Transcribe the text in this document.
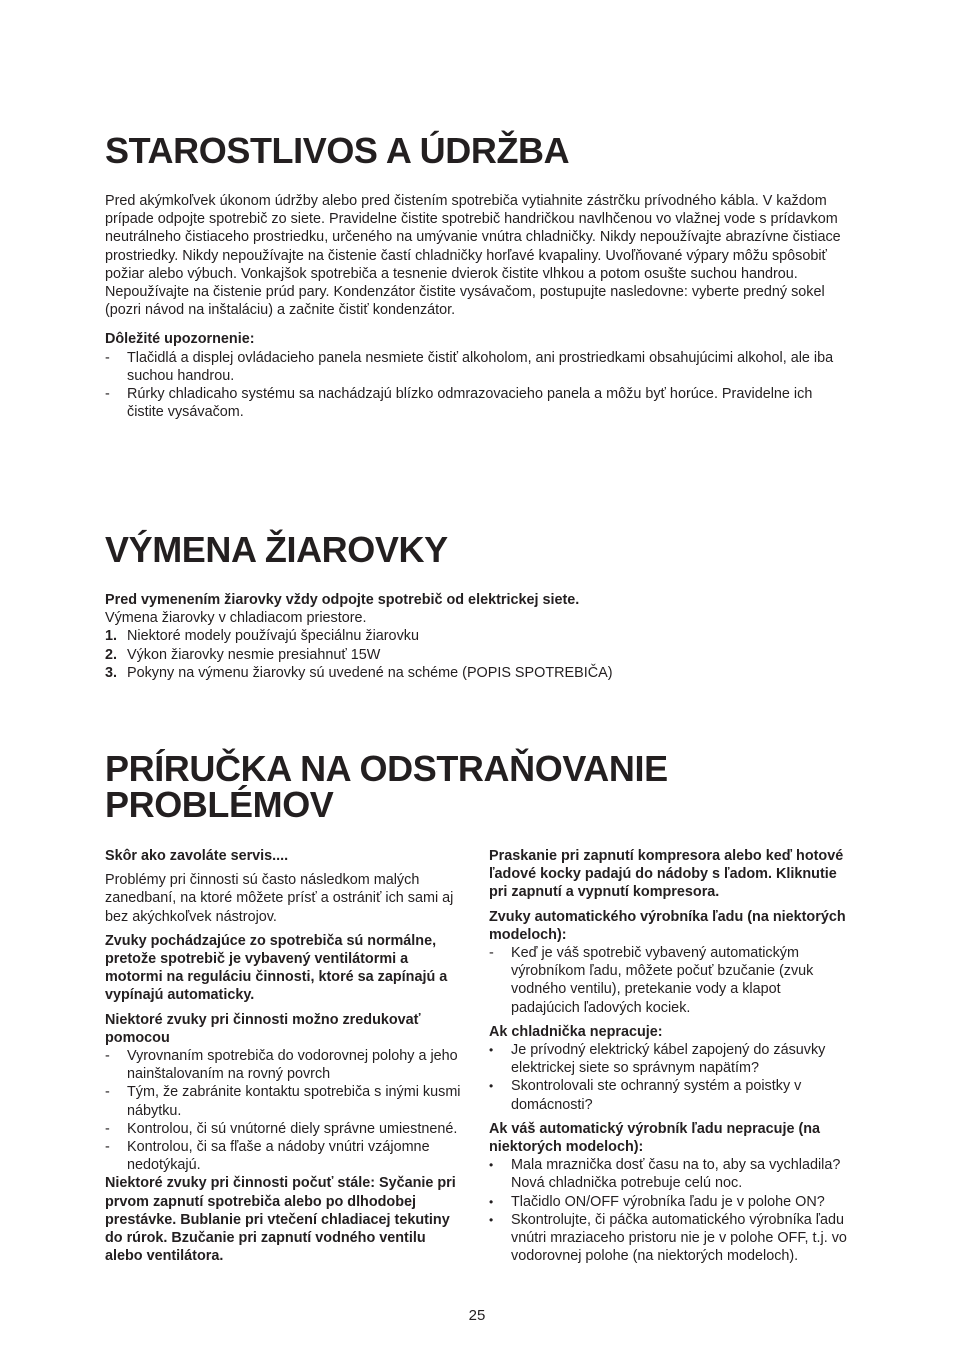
STAROSTLIVOS A ÚDRŽBA

Pred akýmkoľvek úkonom údržby alebo pred čistením spotrebiča vytiahnite zástrčku prívodného kábla. V každom prípade odpojte spotrebič zo siete. Pravidelne čistite spotrebič handričkou navlhčenou vo vlažnej vode s prídavkom neutrálneho čistiaceho prostriedku, určeného na umývanie vnútra chladničky. Nikdy nepoužívajte abrazívne čistiace prostriedky. Nikdy nepoužívajte na čistenie častí chladničky horľavé kvapaliny. Uvoľňované výpary môžu spôsobiť požiar alebo výbuch. Vonkajšok spotrebiča a tesnenie dvierok čistite vlhkou a potom osušte suchou handrou. Nepoužívajte na čistenie prúd pary. Kondenzátor čistite vysávačom, postupujte nasledovne: vyberte predný sokel (pozri návod na inštaláciu) a začnite čistiť kondenzátor.

Dôležité upozornenie:

- Tlačidlá a displej ovládacieho panela nesmiete čistiť alkoholom, ani prostriedkami obsahujúcimi alkohol, ale iba suchou handrou.
- Rúrky chladicaho systému sa nachádzajú blízko odmrazovacieho panela a môžu byť horúce. Pravidelne ich čistite vysávačom.
VÝMENA ŽIAROVKY

Pred vymenením žiarovky vždy odpojte spotrebič od elektrickej siete.

Výmena žiarovky v chladiacom priestore.

1. Niektoré modely používajú špeciálnu žiarovku
2. Výkon žiarovky nesmie presiahnuť 15W
3. Pokyny na výmenu žiarovky sú uvedené na schéme (POPIS SPOTREBIČA)
PRÍRUČKA NA ODSTRAŇOVANIE
PROBLÉMOV

Skôr ako zavoláte servis....

Problémy pri činnosti sú často následkom malých zanedbaní, na ktoré môžete prísť a ostrániť ich sami aj bez akýchkoľvek nástrojov.

Zvuky pochádzajúce zo spotrebiča sú normálne, pretože spotrebič je vybavený ventilátormi a motormi na reguláciu činnosti, ktoré sa zapínajú a vypínajú automaticky.

Niektoré zvuky pri činnosti možno zredukovať pomocou

- Vyrovnaním spotrebiča do vodorovnej polohy a jeho nainštalovaním na rovný povrch
- Tým, že zabránite kontaktu spotrebiča s inými kusmi nábytku.
- Kontrolou, či sú vnútorné diely správne umiestnené.
- Kontrolou, či sa fľaše a nádoby vnútri vzájomne nedotýkajú.

Niektoré zvuky pri činnosti počuť stále: Syčanie pri prvom zapnutí spotrebiča alebo po dlhodobej prestávke. Bublanie pri vtečení chladiacej tekutiny do rúrok. Bzučanie pri zapnutí vodného ventilu alebo ventilátora.

Praskanie pri zapnutí kompresora alebo keď hotové ľadové kocky padajú do nádoby s ľadom. Kliknutie pri zapnutí a vypnutí kompresora.

Zvuky automatického výrobníka ľadu (na niektorých modeloch):

- Keď je váš spotrebič vybavený automatickým výrobníkom ľadu, môžete počuť bzučanie (zvuk vodného ventilu), pretekanie vody a klapot padajúcich ľadových kociek.

Ak chladnička nepracuje:

• Je prívodný elektrický kábel zapojený do zásuvky elektrickej siete so správnym napätím?
• Skontrolovali ste ochranný systém a poistky v domácnosti?

Ak váš automatický výrobník ľadu nepracuje (na niektorých modeloch):

• Mala mraznička dosť času na to, aby sa vychladila? Nová chladnička potrebuje celú noc.
• Tlačidlo ON/OFF výrobníka ľadu je v polohe ON?
• Skontrolujte, či páčka automatického výrobníka ľadu vnútri mraziaceho pristoru nie je v polohe OFF, t.j. vo vodorovnej polohe (na niektorých modeloch).
25
